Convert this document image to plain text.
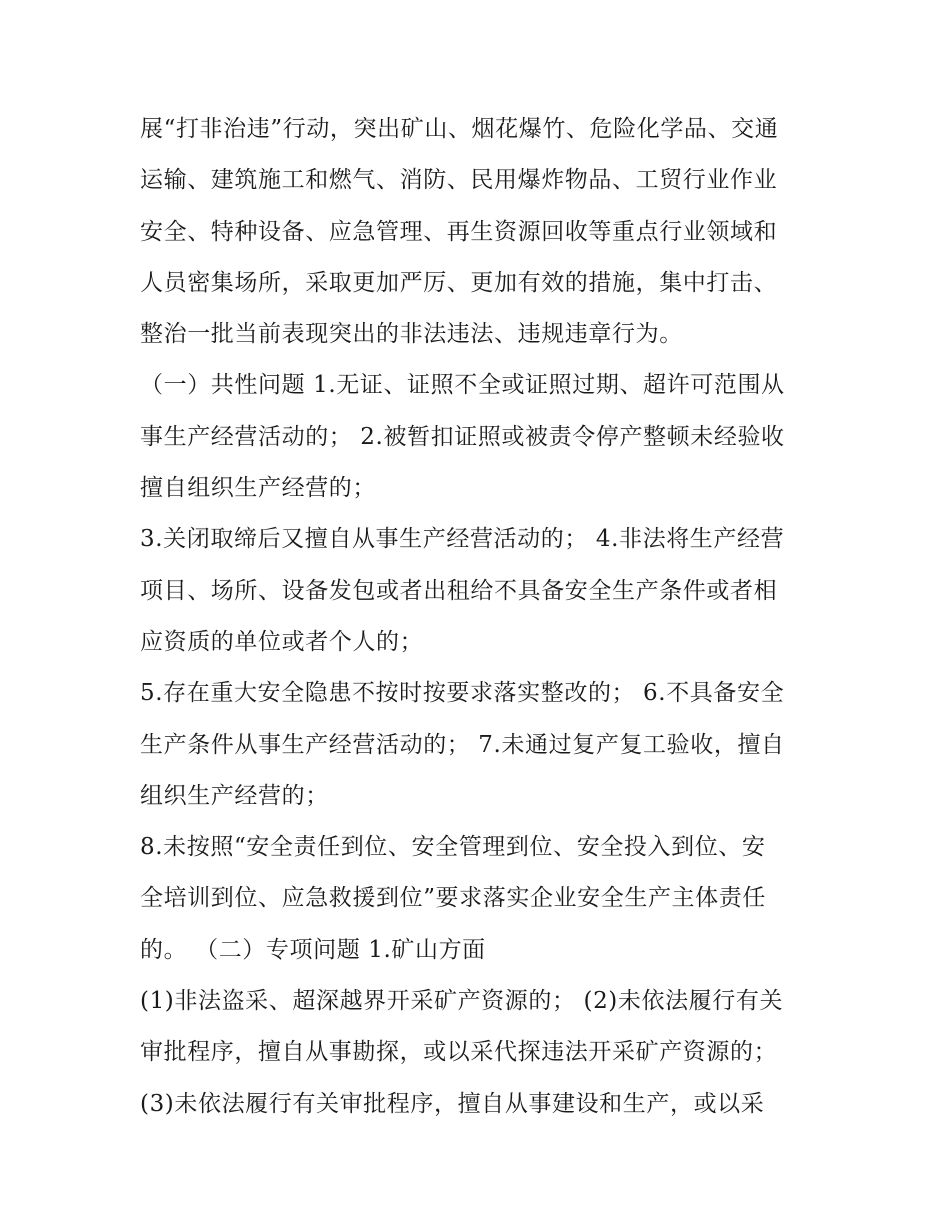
展“打非治违”行动，突出矿山、烟花爆竹、危险化学品、交通
运输、建筑施工和燃气、消防、民用爆炸物品、工贸行业作业
安全、特种设备、应急管理、再生资源回收等重点行业领域和
人员密集场所，采取更加严厉、更加有效的措施，集中打击、
整治一批当前表现突出的非法违法、违规违章行为。
（一）共性问题 1.无证、证照不全或证照过期、超许可范围从
事生产经营活动的； 2.被暂扣证照或被责令停产整顿未经验收
擅自组织生产经营的；
3.关闭取缔后又擅自从事生产经营活动的； 4.非法将生产经营
项目、场所、设备发包或者出租给不具备安全生产条件或者相
应资质的单位或者个人的；
5.存在重大安全隐患不按时按要求落实整改的； 6.不具备安全
生产条件从事生产经营活动的； 7.未通过复产复工验收，擅自
组织生产经营的；
8.未按照“安全责任到位、安全管理到位、安全投入到位、安
全培训到位、应急救援到位”要求落实企业安全生产主体责任
的。 （二）专项问题 1.矿山方面
(1)非法盗采、超深越界开采矿产资源的； (2)未依法履行有关
审批程序，擅自从事勘探，或以采代探违法开采矿产资源的；
(3)未依法履行有关审批程序，擅自从事建设和生产，或以采
